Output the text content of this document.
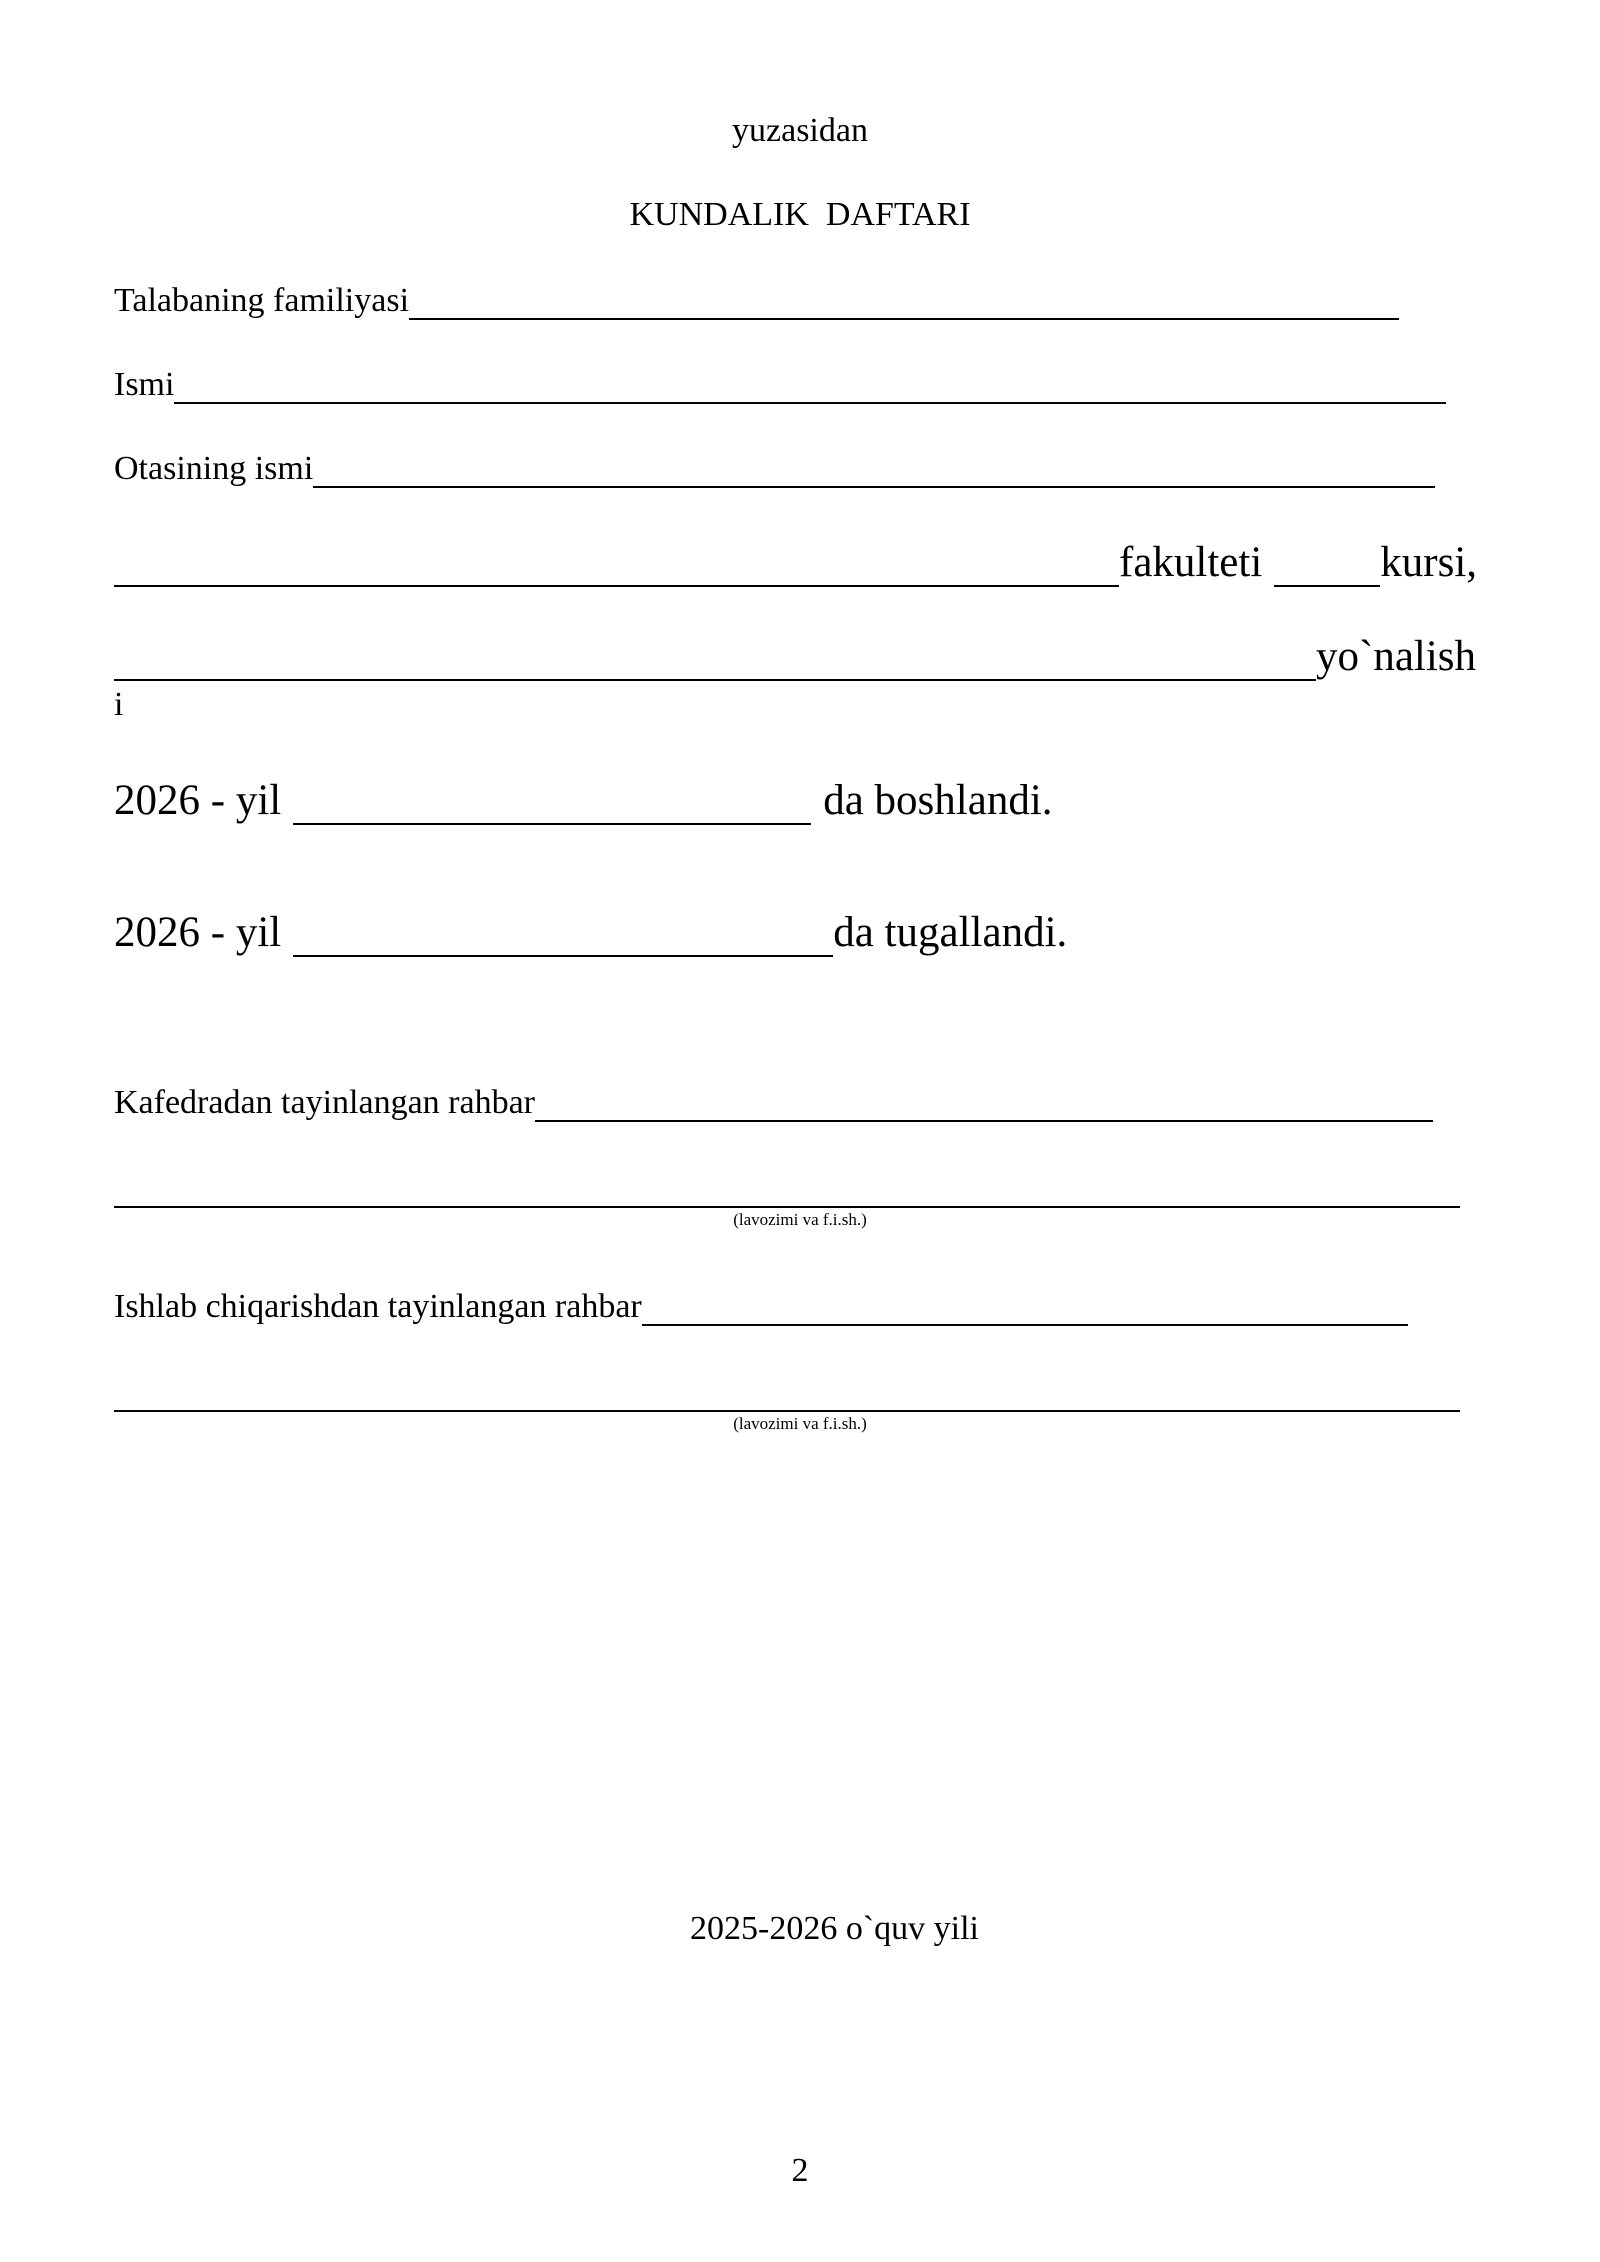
yuzasidan
KUNDALIK  DAFTARI
Talabaning familiyasi
Ismi
Otasining ismi
fakulteti	kursi,
yo`nalish
i
2026 - yil	da boshlandi.
2026 - yil	da tugallandi.
Kafedradan tayinlangan rahbar
(lavozimi va f.i.sh.)
Ishlab chiqarishdan tayinlangan rahbar
(lavozimi va f.i.sh.)
2025-2026 o`quv yili
2
